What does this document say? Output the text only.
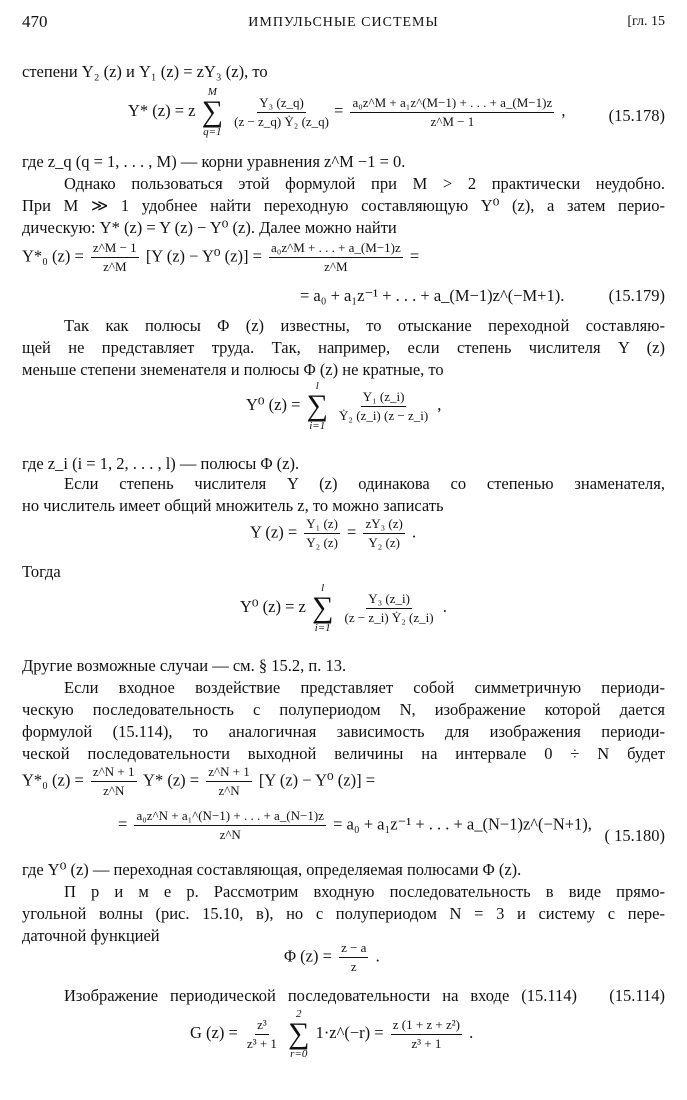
470	ИМПУЛЬСНЫЕ СИСТЕМЫ	[гл. 15
степени Y₂ (z) и Y₁ (z) = zY₃ (z), то
Y* (z) = z
M
∑
q=1

$\frac{\text{Y₃ (z\_q)}}{\text{(z − z\_q) Ẏ₂ (z\_q)}} = \frac{\text{a₀z\textasciicircum{}M + a₁z\textasciicircum{}(M−1) + . . . + a\_(M−1)z}}{z\^{}M - 1}$ ,	(15.178)
где z_q (q = 1, . . . , M) — корни уравнения z^M −1 = 0.
Однако пользоваться этой формулой при M > 2 практически неудобно.
При M ≫ 1 удобнее найти переходную составляющую Y⁰ (z), а затем перио-
дическую: Y* (z) = Y (z) − Y⁰ (z). Далее можно найти
Y*₀ $(z) = \frac{z\^{}M - 1}{z\^{}M} [Y$ (z) − Y⁰ $(z)] = \frac{\text{a₀z\textasciicircum{}M + . . . + a\_(M−1)z}}{z\^{}M}$ =
= a₀ + a₁z⁻¹ + . . . + a_(M−1)z^(−M+1).	(15.179)
Так как полюсы Φ (z) известны, то отыскание переходной составляю-
щей не представляет труда. Так, например, если степень числителя Y (z)
меньше степени знеменателя и полюсы Φ (z) не кратные, то
Y⁰ (z) =
l
∑
i=1

$\frac{\text{Y₁ (z\_i)}}{\text{Ẏ₂ (z\_i) (z − z\_i)}}$ ,
где z_i (i = 1, 2, . . . , l) — полюсы Φ (z).
Если степень числителя Y (z) одинакова со степенью знаменателя,
но числитель имеет общий множитель z, то можно записать
Y $(z) = \frac{\text{Y₁ (z)}}{\text{Y₂ (z)}} = \frac{\text{zY₃ (z)}}{\text{Y₂ (z)}}$ .
Тогда
Y⁰ (z) = z
l
∑
i=1

$\frac{\text{Y₃ (z\_i)}}{\text{(z − z\_i) Ẏ₂ (z\_i)}}$ .
Другие возможные случаи — см. § 15.2, п. 13.
Если входное воздействие представляет собой симметричную периоди-
ческую последовательность с полупериодом N, изображение которой дается
формулой (15.114), то аналогичная зависимость для изображения периоди-
ческой последовательности выходной величины на интервале 0 ÷ N будет
Y*₀ $(z) = \frac{z\^{}N + 1}{z\^{}N} Y*$ $(z) = \frac{z\^{}N + 1}{z\^{}N} [Y$ (z) − Y⁰ (z)] =
= $\frac{\text{a₀z\textasciicircum{}N + a₁\textasciicircum{}(N−1) + . . . + a\_(N−1)z}}{z\^{}N} = a_0 + a_1z^{-1}$ + . . . + a_(N−1)z^(−N+1),
( 15.180)
где Y⁰ (z) — переходная составляющая, определяемая полюсами Φ (z).
П р и м е р. Рассмотрим входную последовательность в виде прямо-
угольной волны (рис. 15.10, в), но с полупериодом N = 3 и систему с пере-
даточной функцией
Φ $(z) = \frac{z - a}{z}$ .
Изображение периодической последовательности на входе (15.114) (15.114)
G $(z) = \frac{\text{z³}}{\text{z³ + 1}}$

2
∑
r=0
1·z^(−r) = $\frac{\text{z (1 + z + z²)}}{\text{z³ + 1}}$ .
